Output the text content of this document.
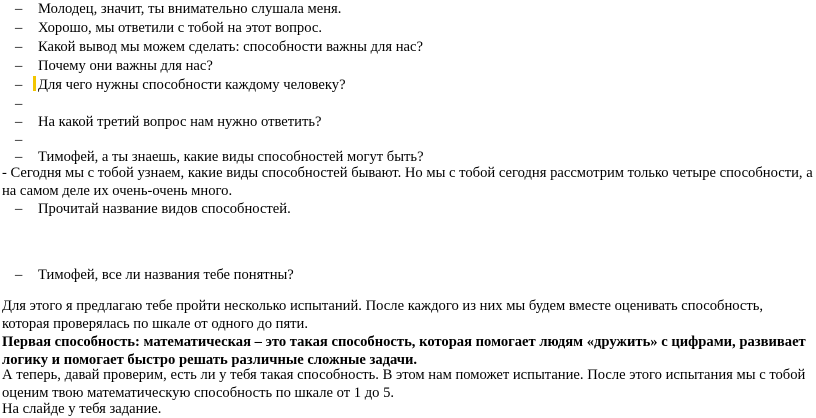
– Молодец, значит, ты внимательно слушала меня.
– Хорошо, мы ответили с тобой на этот вопрос.
– Какой вывод мы можем сделать: способности важны для нас?
– Почему они важны для нас?
– Для чего нужны способности каждому человеку?
–
– На какой третий вопрос нам нужно ответить?
–
– Тимофей, а ты знаешь, какие виды способностей могут быть?
- Сегодня мы с тобой узнаем, какие виды способностей бывают. Но мы с тобой сегодня рассмотрим только четыре способности, а на самом деле их очень-очень много.
– Прочитай название видов способностей.
– Тимофей, все ли названия тебе понятны?
Для этого я предлагаю тебе пройти несколько испытаний. После каждого из них мы будем вместе оценивать способность, которая проверялась по шкале от одного до пяти.
Первая способность: математическая – это такая способность, которая помогает людям «дружить» с цифрами, развивает логику и помогает быстро решать различные сложные задачи.
А теперь, давай проверим, есть ли у тебя такая способность. В этом нам поможет испытание. После этого испытания мы с тобой оценим твою математическую способность по шкале от 1 до 5.
На слайде у тебя задание.
